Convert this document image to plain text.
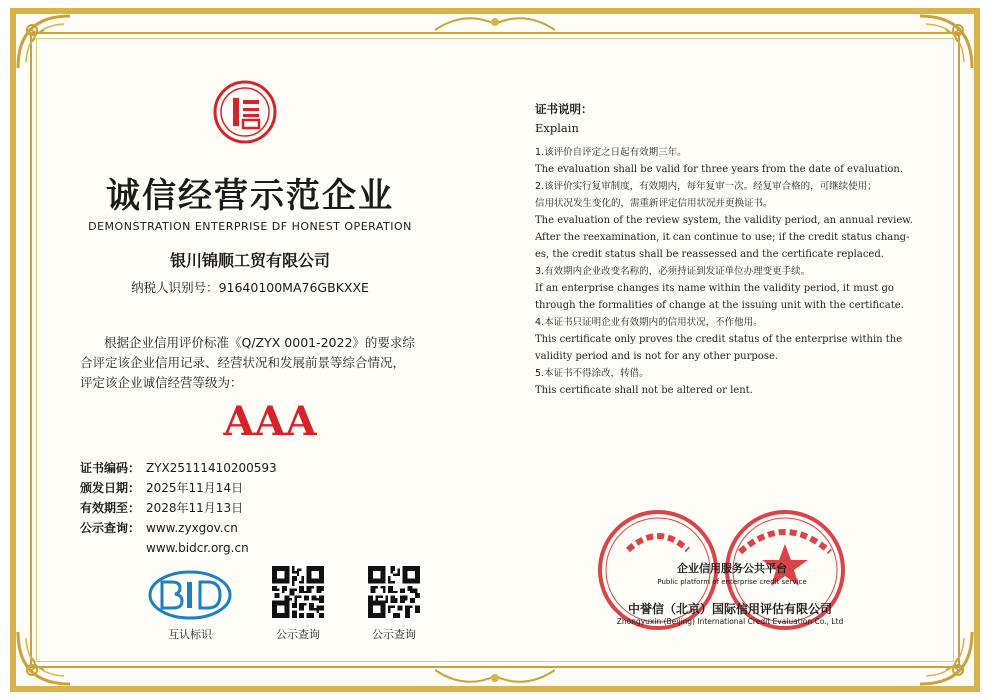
诚信经营示范企业
DEMONSTRATION ENTERPRISE DF HONEST OPERATION
银川锦顺工贸有限公司
纳税人识别号：91640100MA76GBKXXE
根据企业信用评价标准《Q/ZYX 0001-2022》的要求综
合评定该企业信用记录、经营状况和发展前景等综合情况，
评定该企业诚信经营等级为：
AAA
证书编码： ZYX25111410200593
颁发日期： 2025年11月14日
有效期至： 2028年11月13日
公示查询： www.zyxgov.cn
www.bidcr.org.cn
互认标识	公示查询	公示查询
证书说明：
Explain
1.该评价自评定之日起有效期三年。
The evaluation shall be valid for three years from the date of evaluation.
2.该评价实行复审制度，有效期内，每年复审一次。经复审合格的，可继续使用；
信用状况发生变化的，需重新评定信用状况并更换证书。
The evaluation of the review system, the validity period, an annual review.
After the reexamination, it can continue to use; if the credit status chang-
es, the credit status shall be reassessed and the certificate replaced.
3.有效期内企业改变名称的，必须持证到发证单位办理变更手续。
If an enterprise changes its name within the validity period, it must go
through the formalities of change at the issuing unit with the certificate.
4.本证书只证明企业有效期内的信用状况，不作他用。
This certificate only proves the credit status of the enterprise within the
validity period and is not for any other purpose.
5.本证书不得涂改，转借。
This certificate shall not be altered or lent.
企业信用服务公共平台
Public platform of enterprise credit service
中誉信（北京）国际信用评估有限公司
Zhongyuxin (Beijing) International Credit Evaluation Co., Ltd
